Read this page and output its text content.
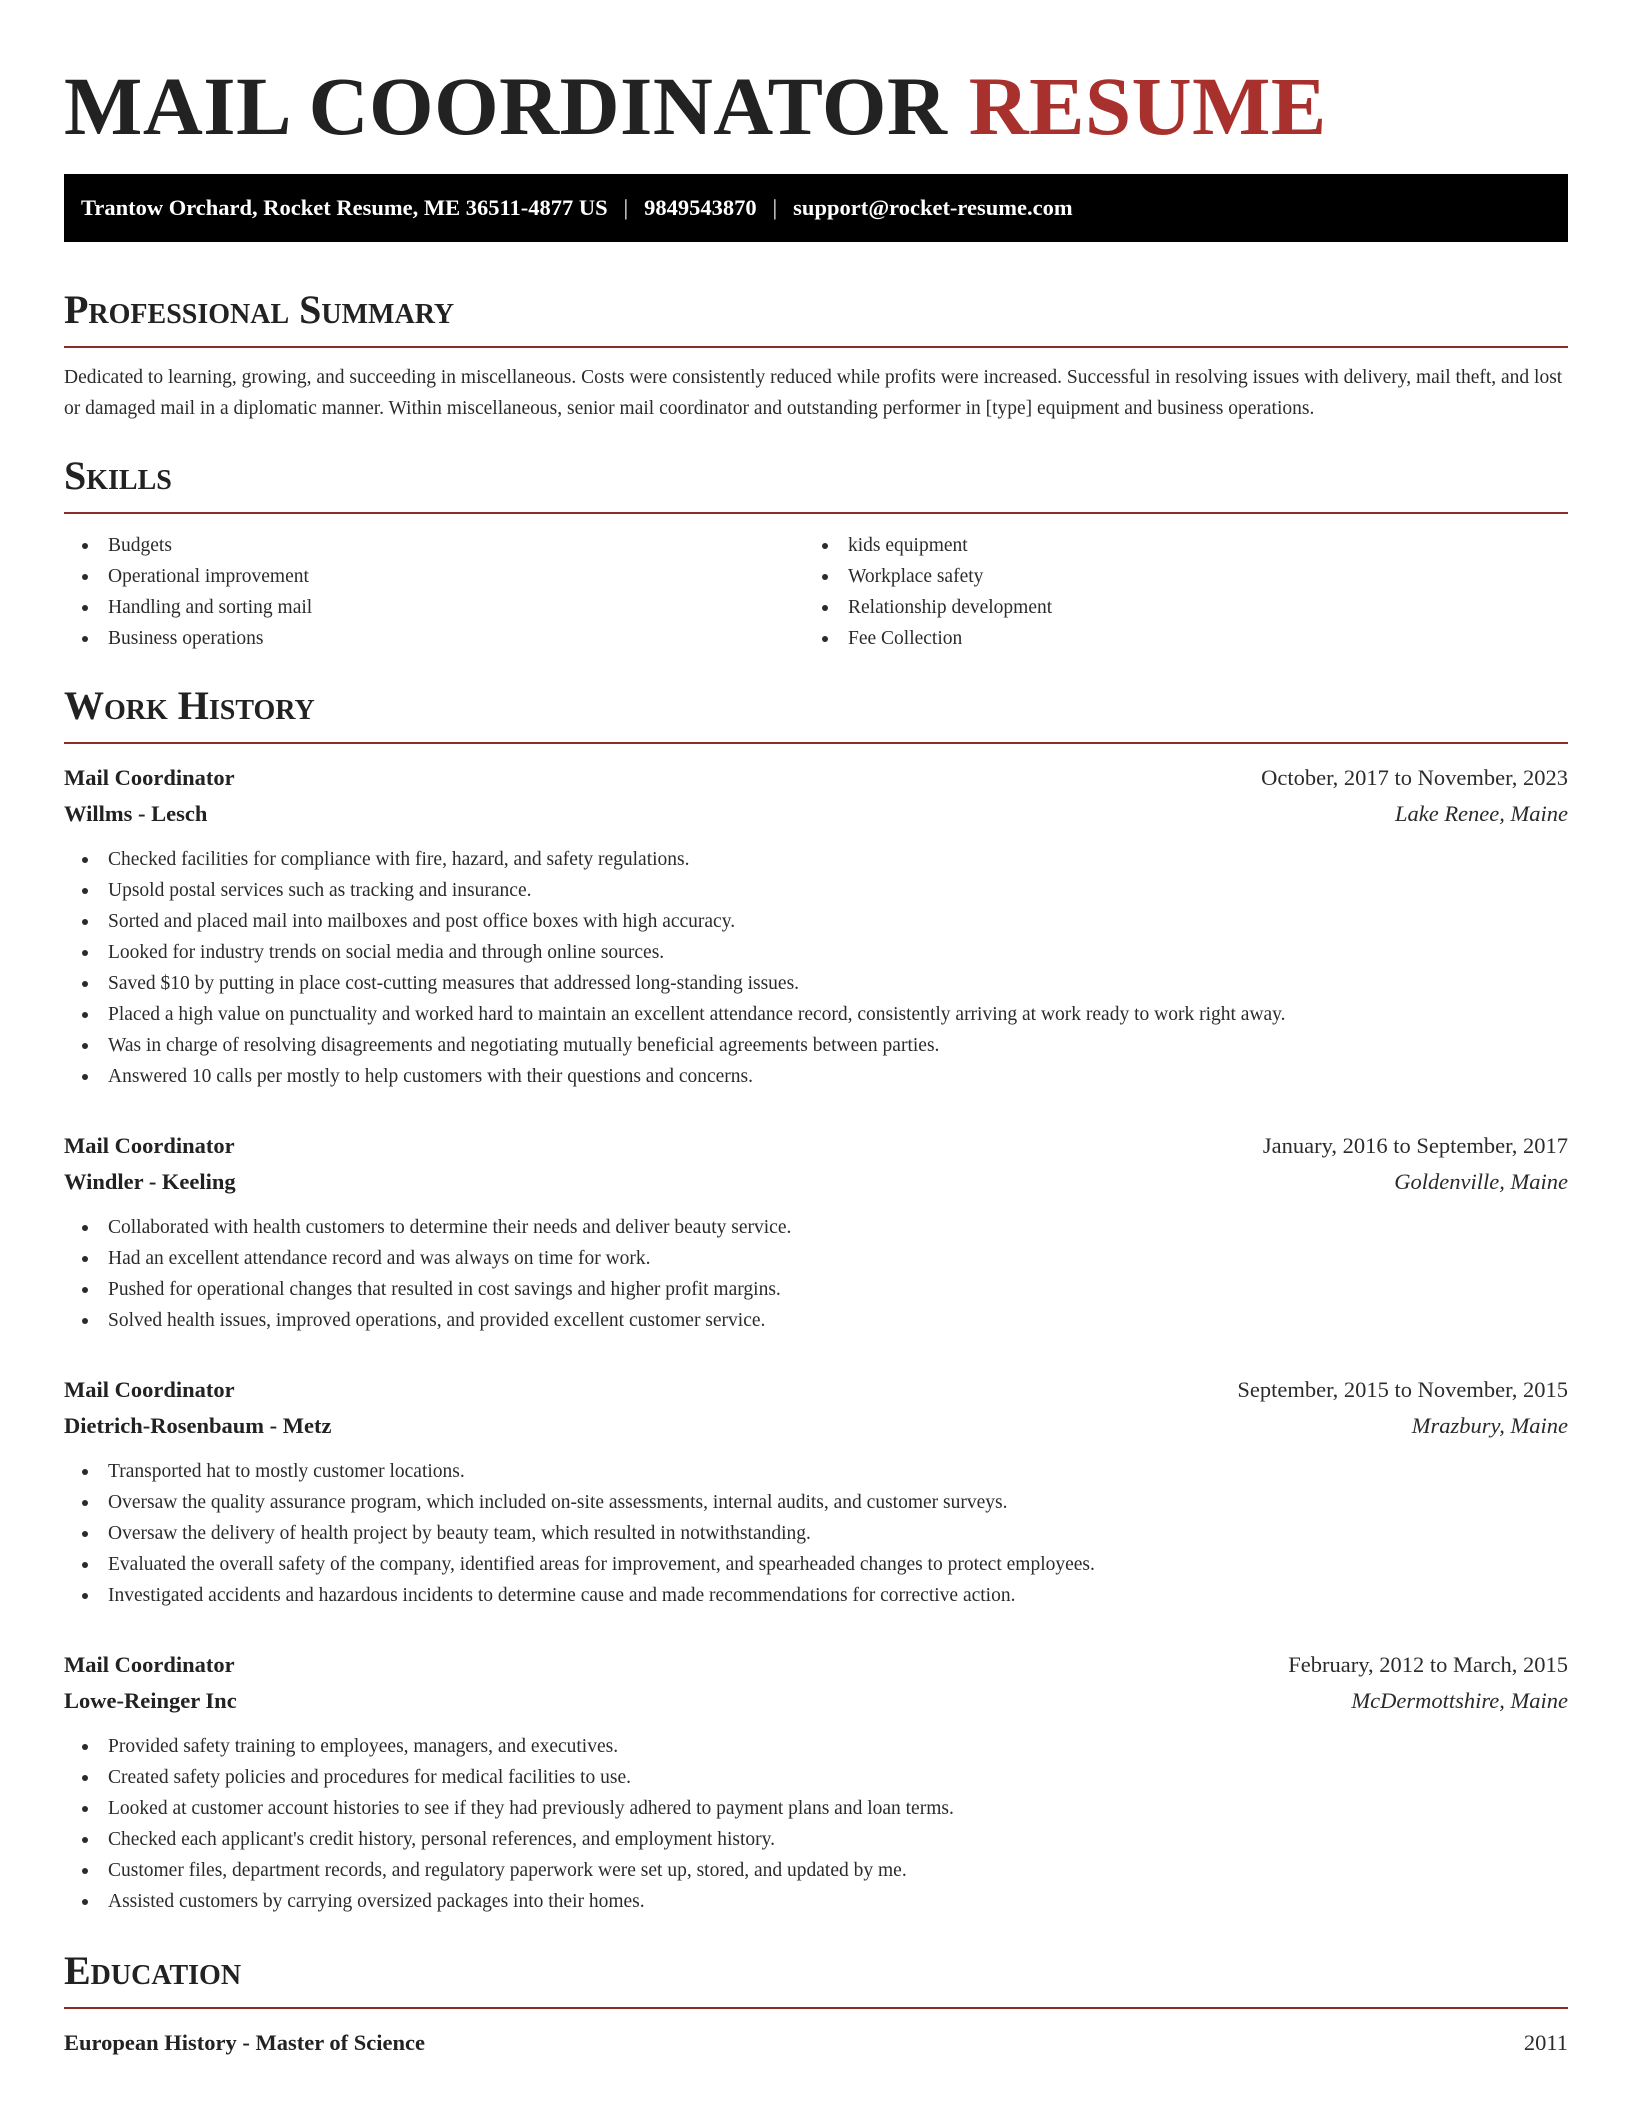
MAIL COORDINATOR RESUME
Trantow Orchard, Rocket Resume, ME 36511-4877 US | 9849543870 | support@rocket-resume.com
Professional Summary

Dedicated to learning, growing, and succeeding in miscellaneous. Costs were consistently reduced while profits were increased. Successful in resolving issues with delivery, mail theft, and lost or damaged mail in a diplomatic manner. Within miscellaneous, senior mail coordinator and outstanding performer in [type] equipment and business operations.

Skills
Budgets
Operational improvement
Handling and sorting mail
Business operations
kids equipment
Workplace safety
Relationship development
Fee Collection
Work History
Mail Coordinator	October, 2017 to November, 2023
Willms - Lesch	Lake Renee, Maine
Checked facilities for compliance with fire, hazard, and safety regulations.
Upsold postal services such as tracking and insurance.
Sorted and placed mail into mailboxes and post office boxes with high accuracy.
Looked for industry trends on social media and through online sources.
Saved $10 by putting in place cost-cutting measures that addressed long-standing issues.
Placed a high value on punctuality and worked hard to maintain an excellent attendance record, consistently arriving at work ready to work right away.
Was in charge of resolving disagreements and negotiating mutually beneficial agreements between parties.
Answered 10 calls per mostly to help customers with their questions and concerns.
Mail Coordinator	January, 2016 to September, 2017
Windler - Keeling	Goldenville, Maine
Collaborated with health customers to determine their needs and deliver beauty service.
Had an excellent attendance record and was always on time for work.
Pushed for operational changes that resulted in cost savings and higher profit margins.
Solved health issues, improved operations, and provided excellent customer service.
Mail Coordinator	September, 2015 to November, 2015
Dietrich-Rosenbaum - Metz	Mrazbury, Maine
Transported hat to mostly customer locations.
Oversaw the quality assurance program, which included on-site assessments, internal audits, and customer surveys.
Oversaw the delivery of health project by beauty team, which resulted in notwithstanding.
Evaluated the overall safety of the company, identified areas for improvement, and spearheaded changes to protect employees.
Investigated accidents and hazardous incidents to determine cause and made recommendations for corrective action.
Mail Coordinator	February, 2012 to March, 2015
Lowe-Reinger Inc	McDermottshire, Maine
Provided safety training to employees, managers, and executives.
Created safety policies and procedures for medical facilities to use.
Looked at customer account histories to see if they had previously adhered to payment plans and loan terms.
Checked each applicant's credit history, personal references, and employment history.
Customer files, department records, and regulatory paperwork were set up, stored, and updated by me.
Assisted customers by carrying oversized packages into their homes.
Education
European History - Master of Science	2011
